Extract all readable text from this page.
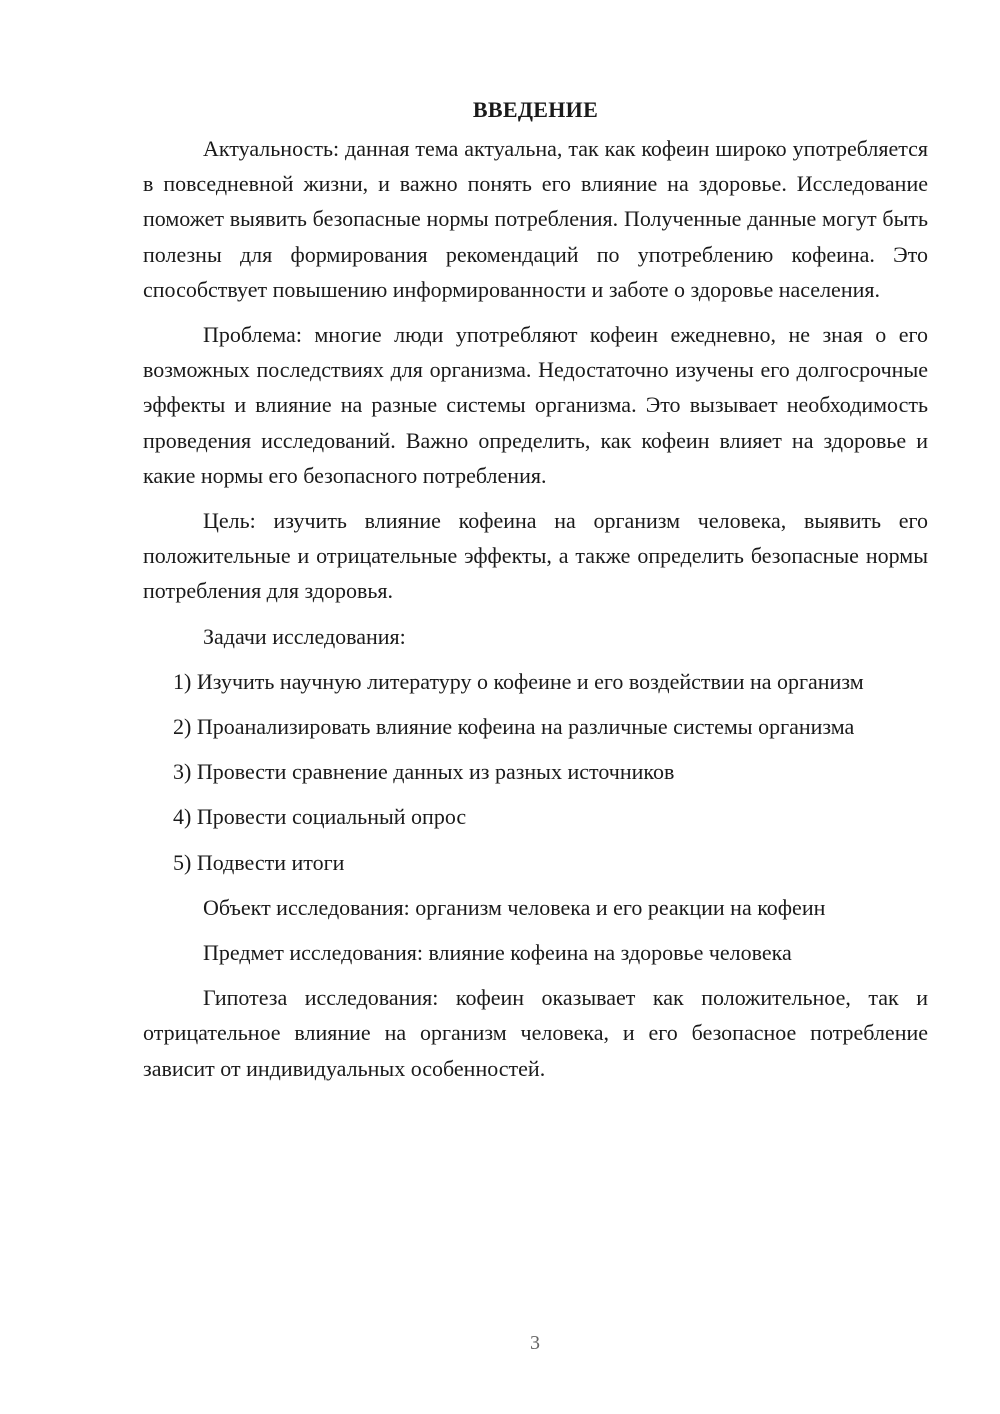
ВВЕДЕНИЕ

Актуальность: данная тема актуальна, так как кофеин широко употребляется в повседневной жизни, и важно понять его влияние на здоровье. Исследование поможет выявить безопасные нормы потребления. Полученные данные могут быть полезны для формирования рекомендаций по употреблению кофеина. Это способствует повышению информированности и заботе о здоровье населения.

Проблема: многие люди употребляют кофеин ежедневно, не зная о его возможных последствиях для организма. Недостаточно изучены его долгосрочные эффекты и влияние на разные системы организма. Это вызывает необходимость проведения исследований. Важно определить, как кофеин влияет на здоровье и какие нормы его безопасного потребления.

Цель: изучить влияние кофеина на организм человека, выявить его положительные и отрицательные эффекты, а также определить безопасные нормы потребления для здоровья.

Задачи исследования:

1) Изучить научную литературу о кофеине и его воздействии на организм

2) Проанализировать влияние кофеина на различные системы организма

3) Провести сравнение данных из разных источников

4) Провести социальный опрос

5) Подвести итоги

Объект исследования: организм человека и его реакции на кофеин

Предмет исследования: влияние кофеина на здоровье человека

Гипотеза исследования: кофеин оказывает как положительное, так и отрицательное влияние на организм человека, и его безопасное потребление зависит от индивидуальных особенностей.

3
